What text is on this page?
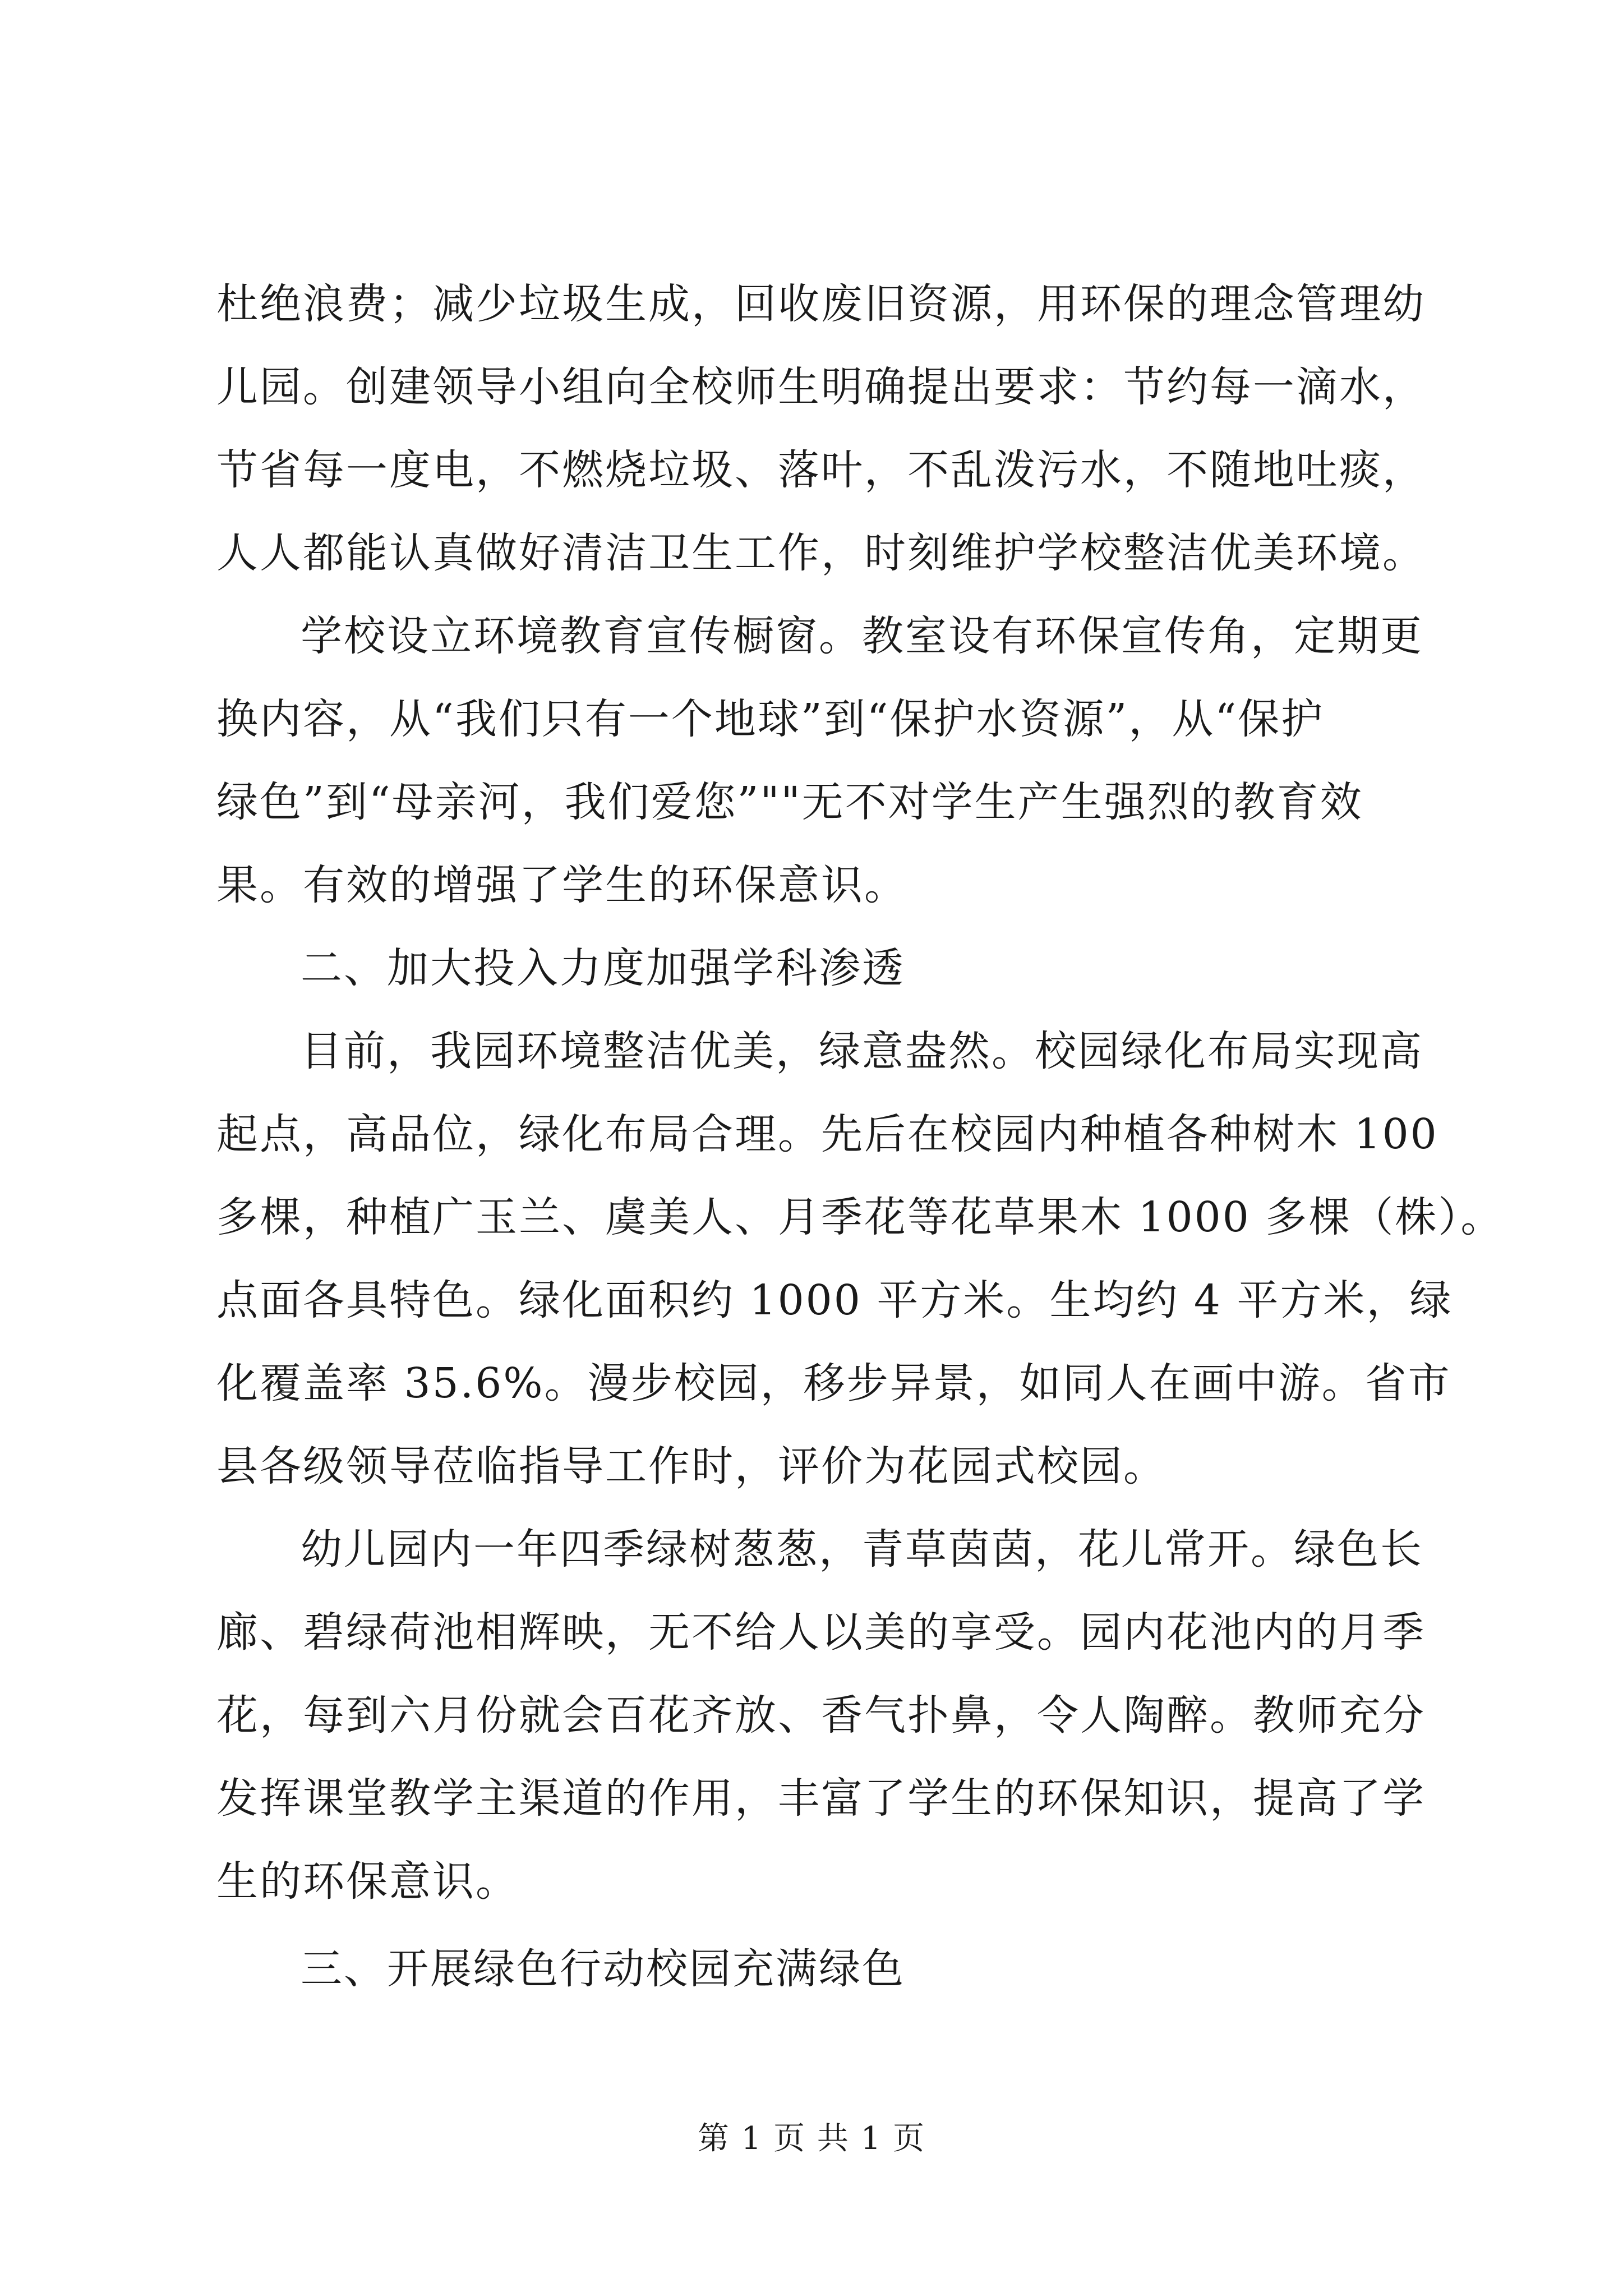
杜绝浪费；减少垃圾生成，回收废旧资源，用环保的理念管理幼
儿园。创建领导小组向全校师生明确提出要求：节约每一滴水，
节省每一度电，不燃烧垃圾、落叶，不乱泼污水，不随地吐痰，
人人都能认真做好清洁卫生工作，时刻维护学校整洁优美环境。
学校设立环境教育宣传橱窗。教室设有环保宣传角，定期更
换内容，从“我们只有一个地球”到“保护水资源”，从“保护
绿色”到“母亲河，我们爱您”""无不对学生产生强烈的教育效
果。有效的增强了学生的环保意识。
二、加大投入力度加强学科渗透
目前，我园环境整洁优美，绿意盎然。校园绿化布局实现高
起点，高品位，绿化布局合理。先后在校园内种植各种树木 100
多棵，种植广玉兰、虞美人、月季花等花草果木 1000 多棵（株）。
点面各具特色。绿化面积约 1000 平方米。生均约 4 平方米，绿
化覆盖率 35.6%。漫步校园，移步异景，如同人在画中游。省市
县各级领导莅临指导工作时，评价为花园式校园。
幼儿园内一年四季绿树葱葱，青草茵茵，花儿常开。绿色长
廊、碧绿荷池相辉映，无不给人以美的享受。园内花池内的月季
花，每到六月份就会百花齐放、香气扑鼻，令人陶醉。教师充分
发挥课堂教学主渠道的作用，丰富了学生的环保知识，提高了学
生的环保意识。
三、开展绿色行动校园充满绿色
第 1 页 共 1 页
